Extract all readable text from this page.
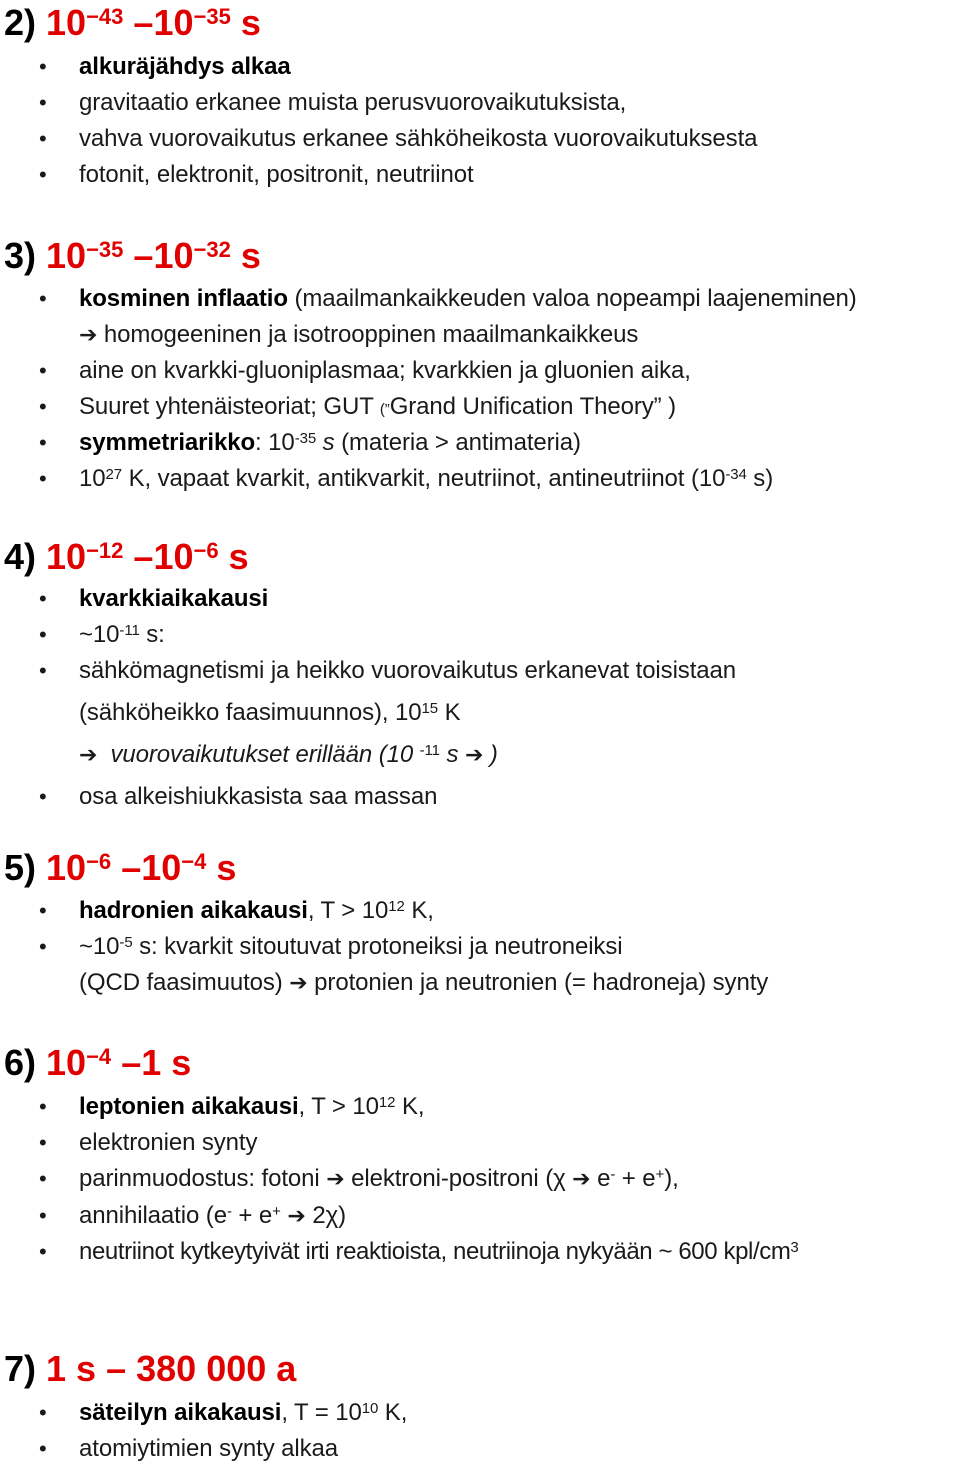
2) $10^{-43}$ $-10^{-35}$ s
• alkuräjähdys alkaa
• gravitaatio erkanee muista perusvuorovaikutuksista,
• vahva vuorovaikutus erkanee sähköheikosta vuorovaikutuksesta
• fotonit, elektronit, positronit, neutriinot
3) $10^{-35}$ $-10^{-32}$ s
• kosminen inflaatio (maailmankaikkeuden valoa nopeampi laajeneminen)
➔ homogeeninen ja isotrooppinen maailmankaikkeus
• aine on kvarkki-gluoniplasmaa; kvarkkien ja gluonien aika,
• Suuret yhtenäisteoriat; GUT (”Grand Unification Theory” )
• symmetriarikko: $10^{-35}$ s (materia > antimateria)
• $10^{27}$ K, vapaat kvarkit, antikvarkit, neutriinot, antineutriinot ($10^{-34}$ s)
4) $10^{-12}$ $-10^{-6}$ s
• kvarkkiaikakausi
• $\sim 10^{-11}$ s:
• sähkömagnetismi ja heikko vuorovaikutus erkanevat toisistaan
(sähköheikko faasimuunnos), $10^{15}$ K
➔ vuorovaikutukset erillään (10 $^{-11}$ s ➔ )
• osa alkeishiukkasista saa massan
5) $10^{-6}$ $-10^{-4}$ s
• hadronien aikakausi, $T > 10^{12}$ K,
• $\sim 10^{-5}$ s: kvarkit sitoutuvat protoneiksi ja neutroneiksi
(QCD faasimuutos) ➔ protonien ja neutronien (= hadroneja) synty
6) $10^{-4}$ –1 s
• leptonien aikakausi, $T > 10^{12}$ K,
• elektronien synty
• parinmuodostus: fotoni ➔ elektroni-positroni (χ ➔ e- + e+),
• annihilaatio (e- + e+ ➔ 2χ)
• neutriinot kytkeytyivät irti reaktioista, neutriinoja nykyään ~ 600 kpl/$cm^3$
7) 1 s – 380 000 a
• säteilyn aikakausi, $T = 10^{10}$ K,
• atomiytimien synty alkaa
